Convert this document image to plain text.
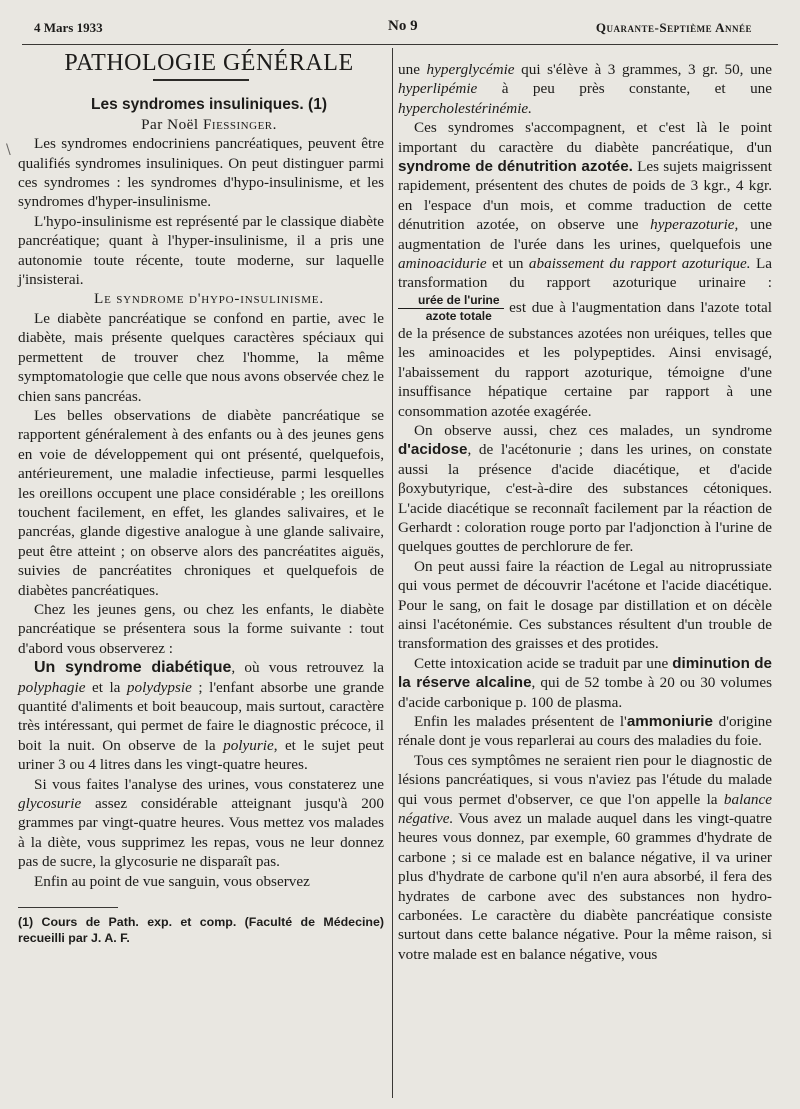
4 Mars 1933	No 9	Quarante-Septième Année
\

PATHOLOGIE GÉNÉRALE

Les syndromes insuliniques. (1)

Par Noël Fiessinger.

Les syndromes endocriniens pancréatiques, peuvent être qualifiés syndromes insuliniques. On peut distinguer parmi ces syndromes : les syndromes d'hypo-insulinisme, et les syndromes d'hyper-insulinisme.

L'hypo-insulinisme est représenté par le classique diabète pancréatique; quant à l'hyper-insulinisme, il a pris une autonomie toute récente, toute moderne, sur laquelle j'insisterai.

Le syndrome d'hypo-insulinisme.

Le diabète pancréatique se confond en partie, avec le diabète, mais présente quelques caractères spéciaux qui permettent de trouver chez l'homme, la même symptomatologie que celle que nous avons observée chez le chien sans pancréas.

Les belles observations de diabète pancréatique se rapportent généralement à des enfants ou à des jeunes gens en voie de développement qui ont présenté, quelquefois, antérieurement, une maladie infectieuse, parmi lesquelles les oreillons occupent une place considérable ; les oreillons touchent facilement, en effet, les glandes salivaires, et le pancréas, glande digestive analogue à une glande salivaire, peut être atteint ; on observe alors des pancréatites aiguës, suivies de pancréatites chroniques et quelquefois de diabètes pancréatiques.

Chez les jeunes gens, ou chez les enfants, le diabète pancréatique se présentera sous la forme suivante : tout d'abord vous observerez :

Un syndrome diabétique, où vous retrouvez la polyphagie et la polydypsie ; l'enfant absorbe une grande quantité d'aliments et boit beaucoup, mais surtout, caractère très intéressant, qui permet de faire le diagnostic précoce, il boit la nuit. On observe de la polyurie, et le sujet peut uriner 3 ou 4 litres dans les vingt-quatre heures.

Si vous faites l'analyse des urines, vous constaterez une glycosurie assez considérable atteignant jusqu'à 200 grammes par vingt-quatre heures. Vous mettez vos malades à la diète, vous supprimez les repas, vous ne leur donnez pas de sucre, la glycosurie ne disparaît pas.

Enfin au point de vue sanguin, vous observez

(1) Cours de Path. exp. et comp. (Faculté de Médecine) recueilli par J. A. F.

une hyperglycémie qui s'élève à 3 grammes, 3 gr. 50, une hyperlipémie à peu près constante, et une hypercholestérinémie.

Ces syndromes s'accompagnent, et c'est là le point important du caractère du diabète pancréatique, d'un syndrome de dénutrition azotée. Les sujets maigrissent rapidement, présentent des chutes de poids de 3 kgr., 4 kgr. en l'espace d'un mois, et comme traduction de cette dénutrition azotée, on observe une hyperazoturie, une augmentation de l'urée dans les urines, quelquefois une aminoacidurie et un abaissement du rapport azoturique. La transformation du rapport azoturique urinaire :
urée de l'urine
azote totale
est due à l'augmentation dans l'azote total de la présence de substances azotées non uréiques, telles que les aminoacides et les polypeptides. Ainsi envisagé, l'abaissement du rapport azoturique, témoigne d'une insuffisance hépatique certaine par rapport à une consommation azotée exagérée.

On observe aussi, chez ces malades, un syndrome d'acidose, de l'acétonurie ; dans les urines, on constate aussi la présence d'acide diacétique, et d'acide βoxybutyrique, c'est-à-dire des substances cétoniques. L'acide diacétique se reconnaît facilement par la réaction de Gerhardt : coloration rouge porto par l'adjonction à l'urine de quelques gouttes de perchlorure de fer.

On peut aussi faire la réaction de Legal au nitroprussiate qui vous permet de découvrir l'acétone et l'acide diacétique. Pour le sang, on fait le dosage par distillation et on décèle ainsi l'acétonémie. Ces substances résultent d'un trouble de transformation des graisses et des protides.

Cette intoxication acide se traduit par une diminution de la réserve alcaline, qui de 52 tombe à 20 ou 30 volumes d'acide carbonique p. 100 de plasma.

Enfin les malades présentent de l'ammoniurie d'origine rénale dont je vous reparlerai au cours des maladies du foie.

Tous ces symptômes ne seraient rien pour le diagnostic de lésions pancréatiques, si vous n'aviez pas l'étude du malade qui vous permet d'observer, ce que l'on appelle la balance négative. Vous avez un malade auquel dans les vingt-quatre heures vous donnez, par exemple, 60 grammes d'hydrate de carbone ; si ce malade est en balance négative, il va uriner plus d'hydrate de carbone qu'il n'en aura absorbé, il fera des hydrates de carbone avec des substances non hydro-carbonées. Le caractère du diabète pancréatique consiste surtout dans cette balance négative. Pour la même raison, si votre malade est en balance négative, vous
